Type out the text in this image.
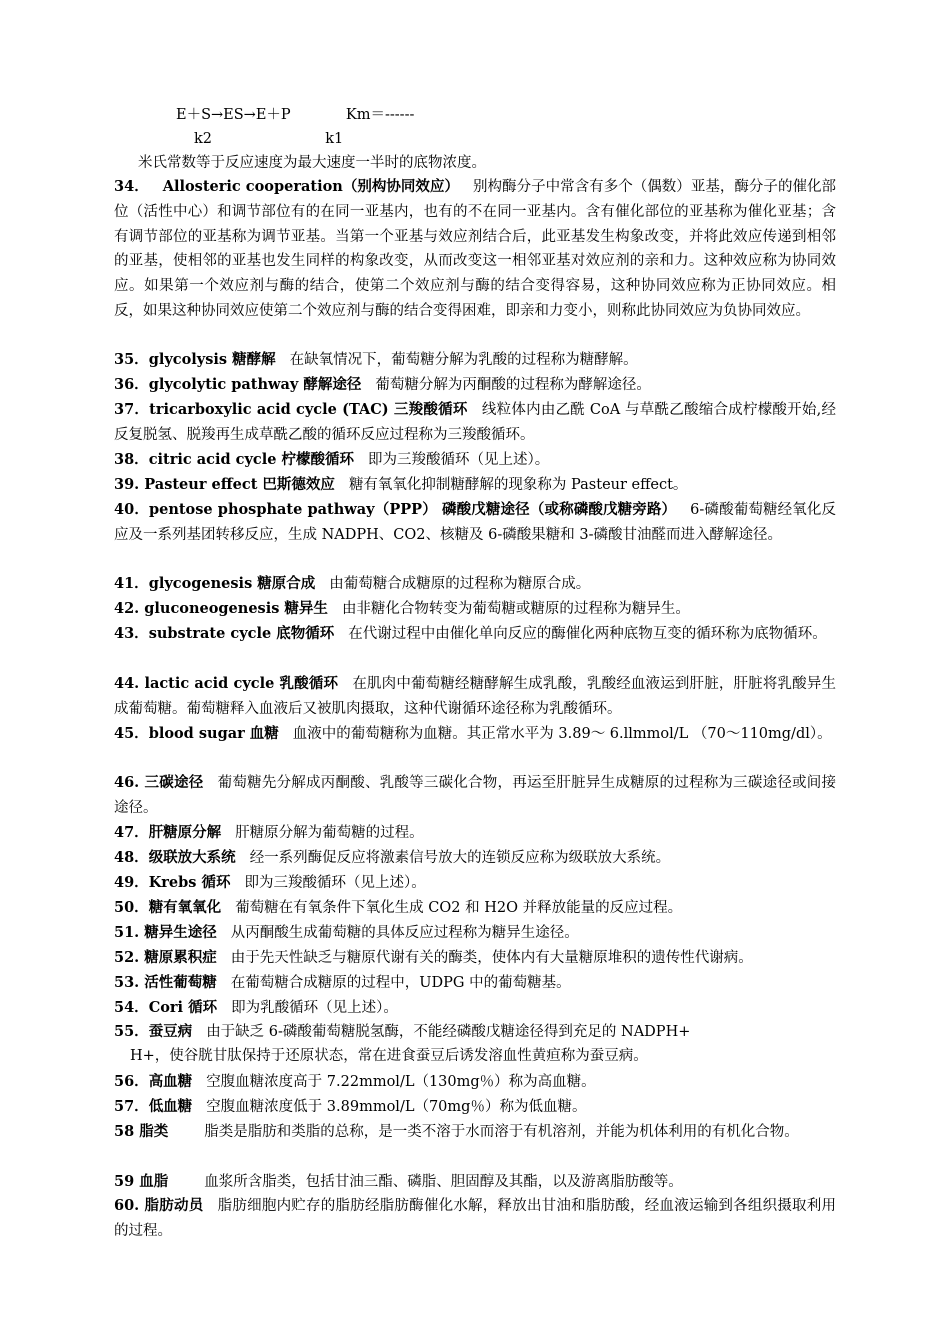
E＋S→ES→E＋P	Km＝------
k2	k1
米氏常数等于反应速度为最大速度一半时的底物浓度。
34． Allosteric cooperation（别构协同效应） 别构酶分子中常含有多个（偶数）亚基，酶分子的催化部位（活性中心）和调节部位有的在同一亚基内，也有的不在同一亚基内。含有催化部位的亚基称为催化亚基；含有调节部位的亚基称为调节亚基。当第一个亚基与效应剂结合后，此亚基发生构象改变，并将此效应传递到相邻的亚基，使相邻的亚基也发生同样的构象改变，从而改变这一相邻亚基对效应剂的亲和力。这种效应称为协同效应。如果第一个效应剂与酶的结合，使第二个效应剂与酶的结合变得容易，这种协同效应称为正协同效应。相反，如果这种协同效应使第二个效应剂与酶的结合变得困难，即亲和力变小，则称此协同效应为负协同效应。
35．glycolysis 糖酵解 在缺氧情况下，葡萄糖分解为乳酸的过程称为糖酵解。
36．glycolytic pathway 酵解途径 葡萄糖分解为丙酮酸的过程称为酵解途径。
37．tricarboxylic acid cycle (TAC) 三羧酸循环 线粒体内由乙酰 CoA 与草酰乙酸缩合成柠檬酸开始,经反复脱氢、脱羧再生成草酰乙酸的循环反应过程称为三羧酸循环。
38．citric acid cycle 柠檬酸循环 即为三羧酸循环（见上述）。
39. Pasteur effect 巴斯德效应 糖有氧氧化抑制糖酵解的现象称为 Pasteur effect。
40．pentose phosphate pathway（PPP） 磷酸戊糖途径（或称磷酸戊糖旁路） 6-磷酸葡萄糖经氧化反应及一系列基团转移反应，生成 NADPH、CO2、核糖及 6-磷酸果糖和 3-磷酸甘油醛而进入酵解途径。
41．glycogenesis 糖原合成 由葡萄糖合成糖原的过程称为糖原合成。
42. gluconeogenesis 糖异生 由非糖化合物转变为葡萄糖或糖原的过程称为糖异生。
43．substrate cycle 底物循环 在代谢过程中由催化单向反应的酶催化两种底物互变的循环称为底物循环。
44. lactic acid cycle 乳酸循环 在肌肉中葡萄糖经糖酵解生成乳酸，乳酸经血液运到肝脏，肝脏将乳酸异生成葡萄糖。葡萄糖释入血液后又被肌肉摄取，这种代谢循环途径称为乳酸循环。
45．blood sugar 血糖 血液中的葡萄糖称为血糖。其正常水平为 3.89～ 6.llmmol/L （70～110mg/dl）。
46. 三碳途径 葡萄糖先分解成丙酮酸、乳酸等三碳化合物，再运至肝脏异生成糖原的过程称为三碳途径或间接途径。
47．肝糖原分解 肝糖原分解为葡萄糖的过程。
48．级联放大系统 经一系列酶促反应将激素信号放大的连锁反应称为级联放大系统。
49．Krebs 循环 即为三羧酸循环（见上述）。
50．糖有氧氧化 葡萄糖在有氧条件下氧化生成 CO2 和 H2O 并释放能量的反应过程。
51. 糖异生途径 从丙酮酸生成葡萄糖的具体反应过程称为糖异生途径。
52. 糖原累积症 由于先天性缺乏与糖原代谢有关的酶类，使体内有大量糖原堆积的遗传性代谢病。
53. 活性葡萄糖 在葡萄糖合成糖原的过程中，UDPG 中的葡萄糖基。
54．Cori 循环 即为乳酸循环（见上述）。
55．蚕豆病 由于缺乏 6-磷酸葡萄糖脱氢酶，不能经磷酸戊糖途径得到充足的 NADPH+
H+，使谷胱甘肽保持于还原状态，常在进食蚕豆后诱发溶血性黄疸称为蚕豆病。
56．高血糖 空腹血糖浓度高于 7.22mmol/L（130mg％）称为高血糖。
57．低血糖 空腹血糖浓度低于 3.89mmol/L（70mg％）称为低血糖。
58 脂类 脂类是脂肪和类脂的总称，是一类不溶于水而溶于有机溶剂，并能为机体利用的有机化合物。
59 血脂 血浆所含脂类，包括甘油三酯、磷脂、胆固醇及其酯，以及游离脂肪酸等。
60. 脂肪动员 脂肪细胞内贮存的脂肪经脂肪酶催化水解，释放出甘油和脂肪酸，经血液运输到各组织摄取利用的过程。
